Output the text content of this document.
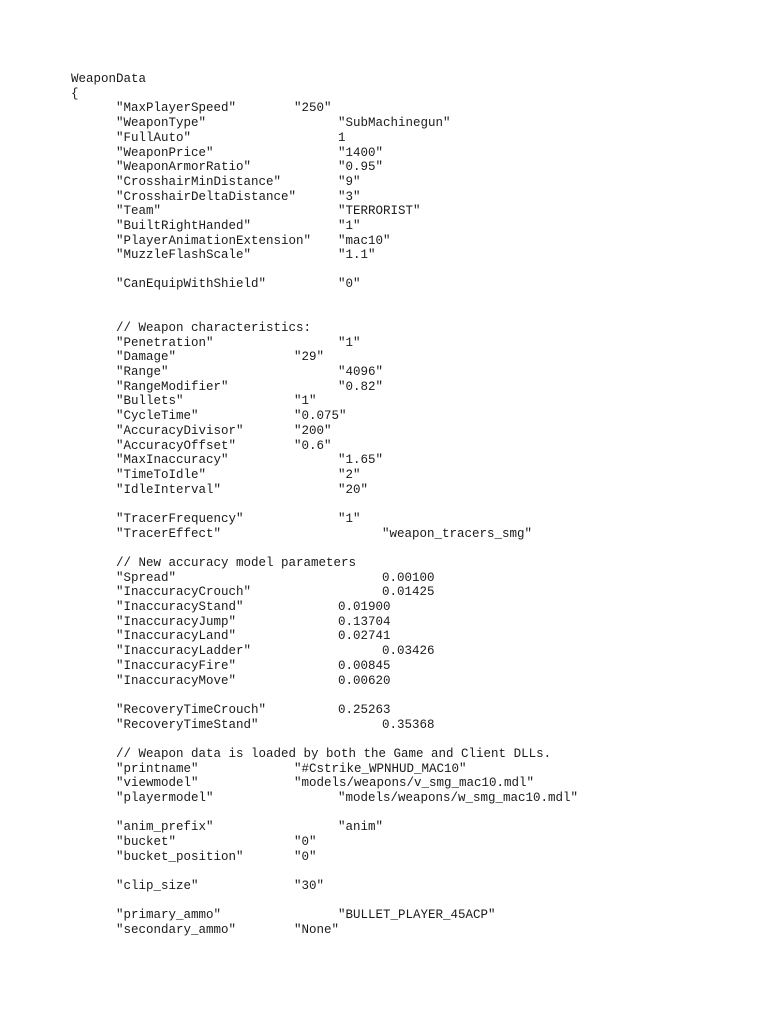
WeaponData
{
"MaxPlayerSpeed"	"250"
"WeaponType"	"SubMachinegun"
"FullAuto"	1
"WeaponPrice"	"1400"
"WeaponArmorRatio"	"0.95"
"CrosshairMinDistance"	"9"
"CrosshairDeltaDistance"	"3"
"Team"	"TERRORIST"
"BuiltRightHanded"	"1"
"PlayerAnimationExtension" "mac10"
"MuzzleFlashScale"	"1.1"
"CanEquipWithShield"	"0"
// Weapon characteristics:
"Penetration"	"1"
"Damage"	"29"
"Range"	"4096"
"RangeModifier"	"0.82"
"Bullets"	"1"
"CycleTime"	"0.075"
"AccuracyDivisor"	"200"
"AccuracyOffset"	"0.6"
"MaxInaccuracy"	"1.65"
"TimeToIdle"	"2"
"IdleInterval"	"20"
"TracerFrequency"	"1"
"TracerEffect"	"weapon_tracers_smg"
// New accuracy model parameters
"Spread"	0.00100
"InaccuracyCrouch"	0.01425
"InaccuracyStand"	0.01900
"InaccuracyJump"	0.13704
"InaccuracyLand"	0.02741
"InaccuracyLadder"	0.03426
"InaccuracyFire"	0.00845
"InaccuracyMove"	0.00620
"RecoveryTimeCrouch"	0.25263
"RecoveryTimeStand"	0.35368
// Weapon data is loaded by both the Game and Client DLLs.
"printname"	"#Cstrike_WPNHUD_MAC10"
"viewmodel"	"models/weapons/v_smg_mac10.mdl"
"playermodel"	"models/weapons/w_smg_mac10.mdl"
"anim_prefix"	"anim"
"bucket"	"0"
"bucket_position"	"0"
"clip_size"	"30"
"primary_ammo"	"BULLET_PLAYER_45ACP"
"secondary_ammo"	"None"
